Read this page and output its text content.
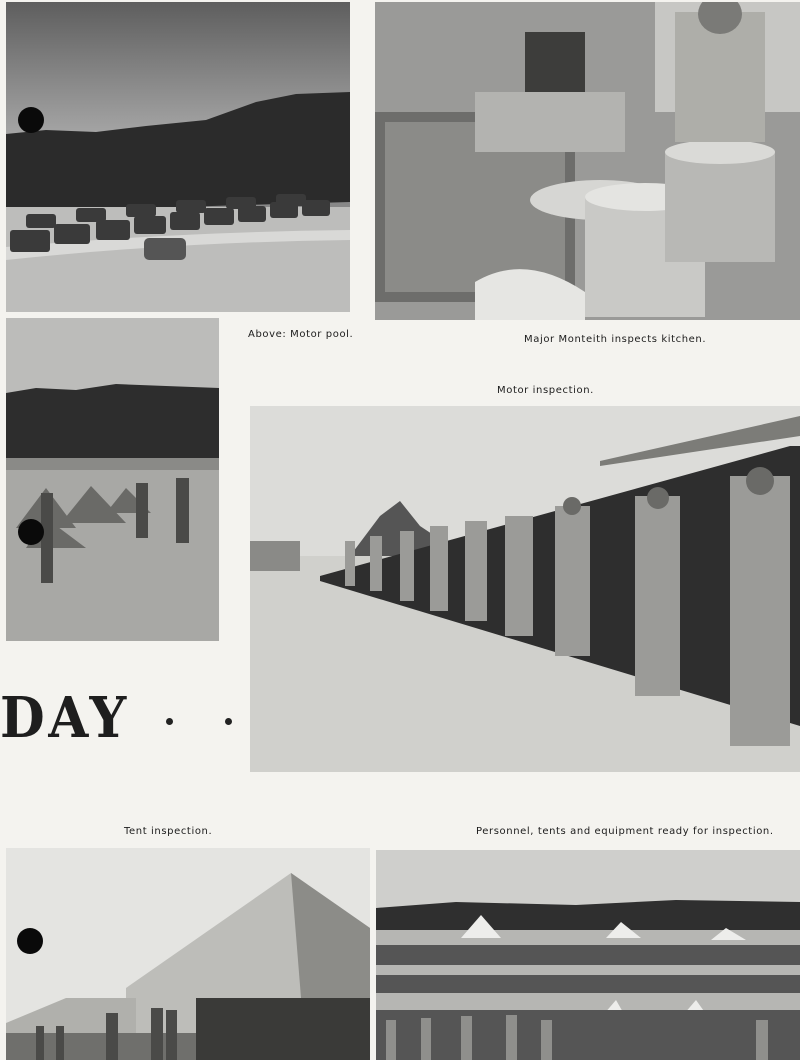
Above: Motor pool.	Major Monteith inspects kitchen.
Motor inspection.
DAY
Tent inspection.	Personnel, tents and equipment ready for inspection.
